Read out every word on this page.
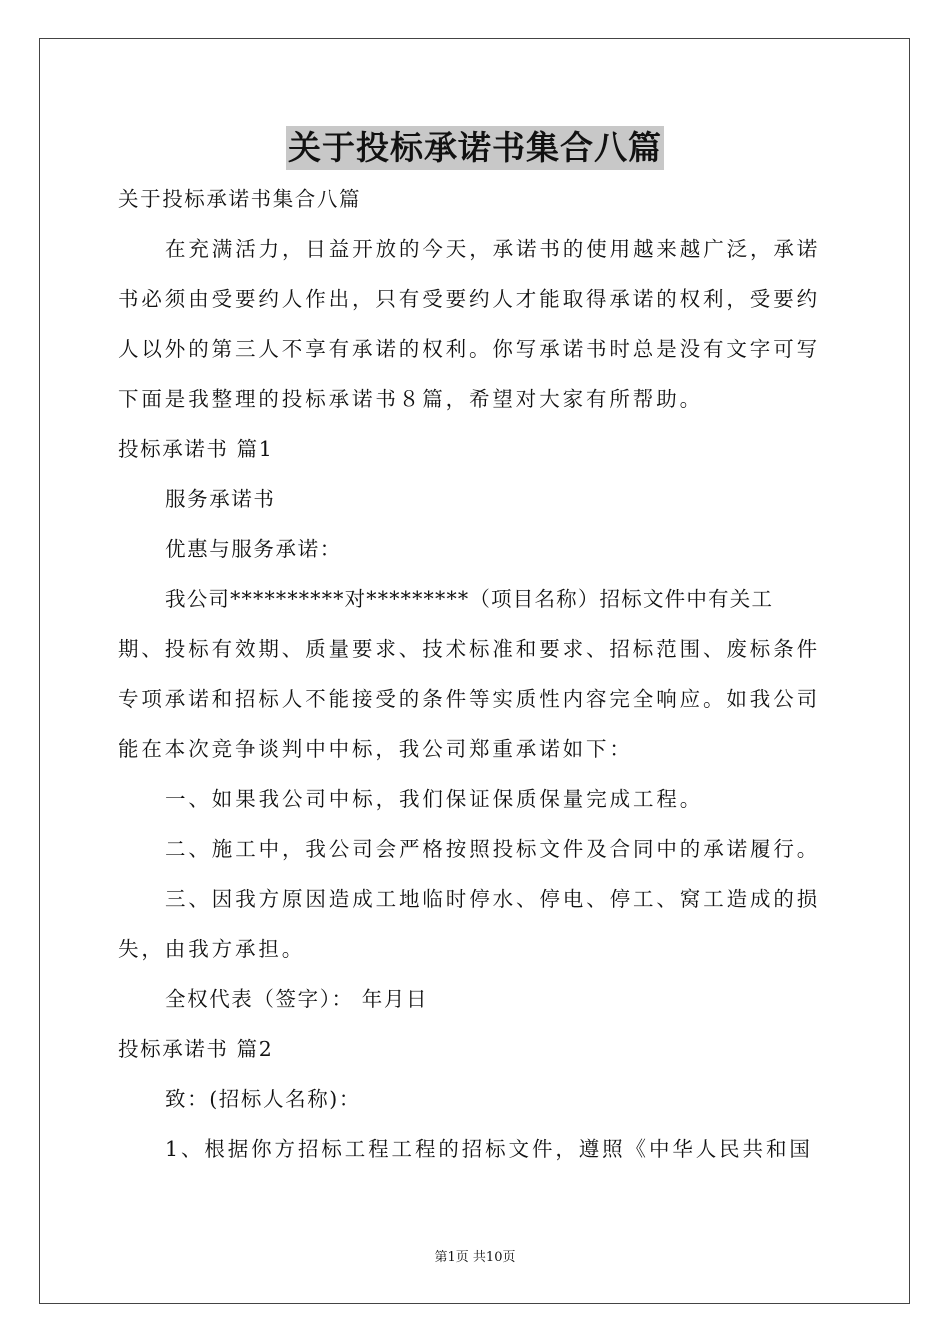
关于投标承诺书集合八篇
关于投标承诺书集合八篇
在充满活力，日益开放的今天，承诺书的使用越来越广泛，承诺
书必须由受要约人作出，只有受要约人才能取得承诺的权利，受要约
人以外的第三人不享有承诺的权利。你写承诺书时总是没有文字可写
下面是我整理的投标承诺书８篇，希望对大家有所帮助。
投标承诺书 篇1
服务承诺书
优惠与服务承诺：
我公司**********对*********（项目名称）招标文件中有关工
期、投标有效期、质量要求、技术标准和要求、招标范围、废标条件
专项承诺和招标人不能接受的条件等实质性内容完全响应。如我公司
能在本次竞争谈判中中标，我公司郑重承诺如下：
一、如果我公司中标，我们保证保质保量完成工程。
二、施工中，我公司会严格按照投标文件及合同中的承诺履行。
三、因我方原因造成工地临时停水、停电、停工、窝工造成的损
失，由我方承担。
全权代表（签字）： 年月日
投标承诺书 篇2
致：(招标人名称)：
1、根据你方招标工程工程的招标文件，遵照《中华人民共和国
第1页 共10页
